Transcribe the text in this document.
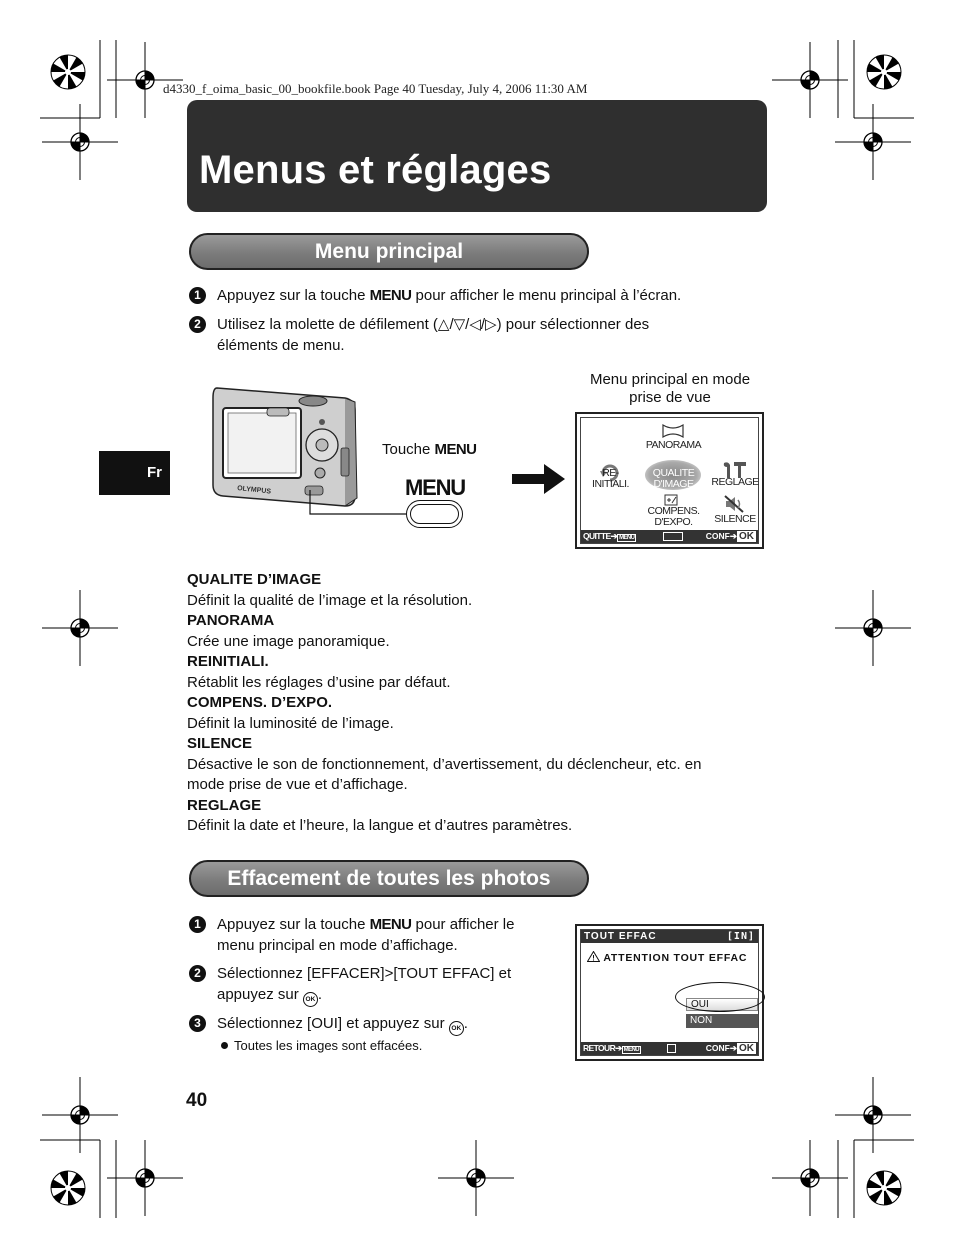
d4330_f_oima_basic_00_bookfile.book Page 40 Tuesday, July 4, 2006 11:30 AM
Menus et réglages
Menu principal
1	Appuyez sur la touche MENU pour afficher le menu principal à l’écran.
2	Utilisez la molette de défilement (△/▽/◁/▷) pour sélectionner des
éléments de menu.
Fr
OLYMPUS
Touche MENU
MENU
Menu principal en mode
prise de vue
PANORAMA
RE-
INITIALI.
QUALITE
D'IMAGE	REGLAGE
COMPENS.
D'EXPO.	SILENCE
QUITTE➔ MENU	CONF➔ OK
QUALITE D’IMAGE
Définit la qualité de l’image et la résolution.
PANORAMA
Crée une image panoramique.
REINITIALI.
Rétablit les réglages d’usine par défaut.
COMPENS. D’EXPO.
Définit la luminosité de l’image.
SILENCE
Désactive le son de fonctionnement, d’avertissement, du déclencheur, etc. en
mode prise de vue et d’affichage.
REGLAGE
Définit la date et l’heure, la langue et d’autres paramètres.
Effacement de toutes les photos
1	Appuyez sur la touche MENU pour afficher le
menu principal en mode d’affichage.
2	Sélectionnez [EFFACER]>[TOUT EFFAC] et
appuyez sur OK .
3	Sélectionnez [OUI] et appuyez sur OK .
Toutes les images sont effacées.
TOUT EFFAC	[IN]
ATTENTION TOUT EFFAC
OUI
NON
RETOUR➔ MENU	CONF➔ OK
40
